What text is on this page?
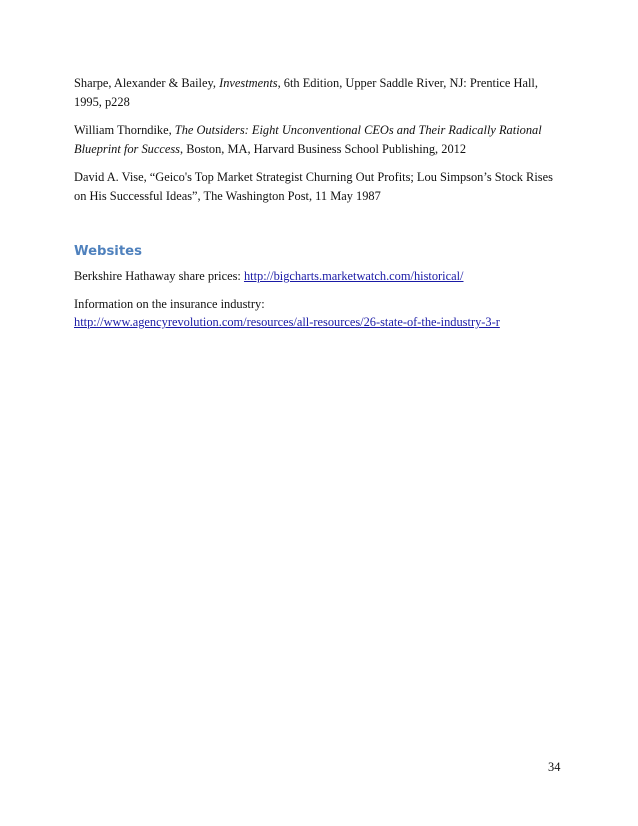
Sharpe, Alexander & Bailey, Investments, 6th Edition, Upper Saddle River, NJ: Prentice Hall,
1995, p228

William Thorndike, The Outsiders: Eight Unconventional CEOs and Their Radically Rational
Blueprint for Success, Boston, MA, Harvard Business School Publishing, 2012

David A. Vise, “Geico's Top Market Strategist Churning Out Profits; Lou Simpson’s Stock Rises
on His Successful Ideas”, The Washington Post, 11 May 1987

Websites

Berkshire Hathaway share prices: http://bigcharts.marketwatch.com/historical/

Information on the insurance industry:
http://www.agencyrevolution.com/resources/all-resources/26-state-of-the-industry-3-r

34
